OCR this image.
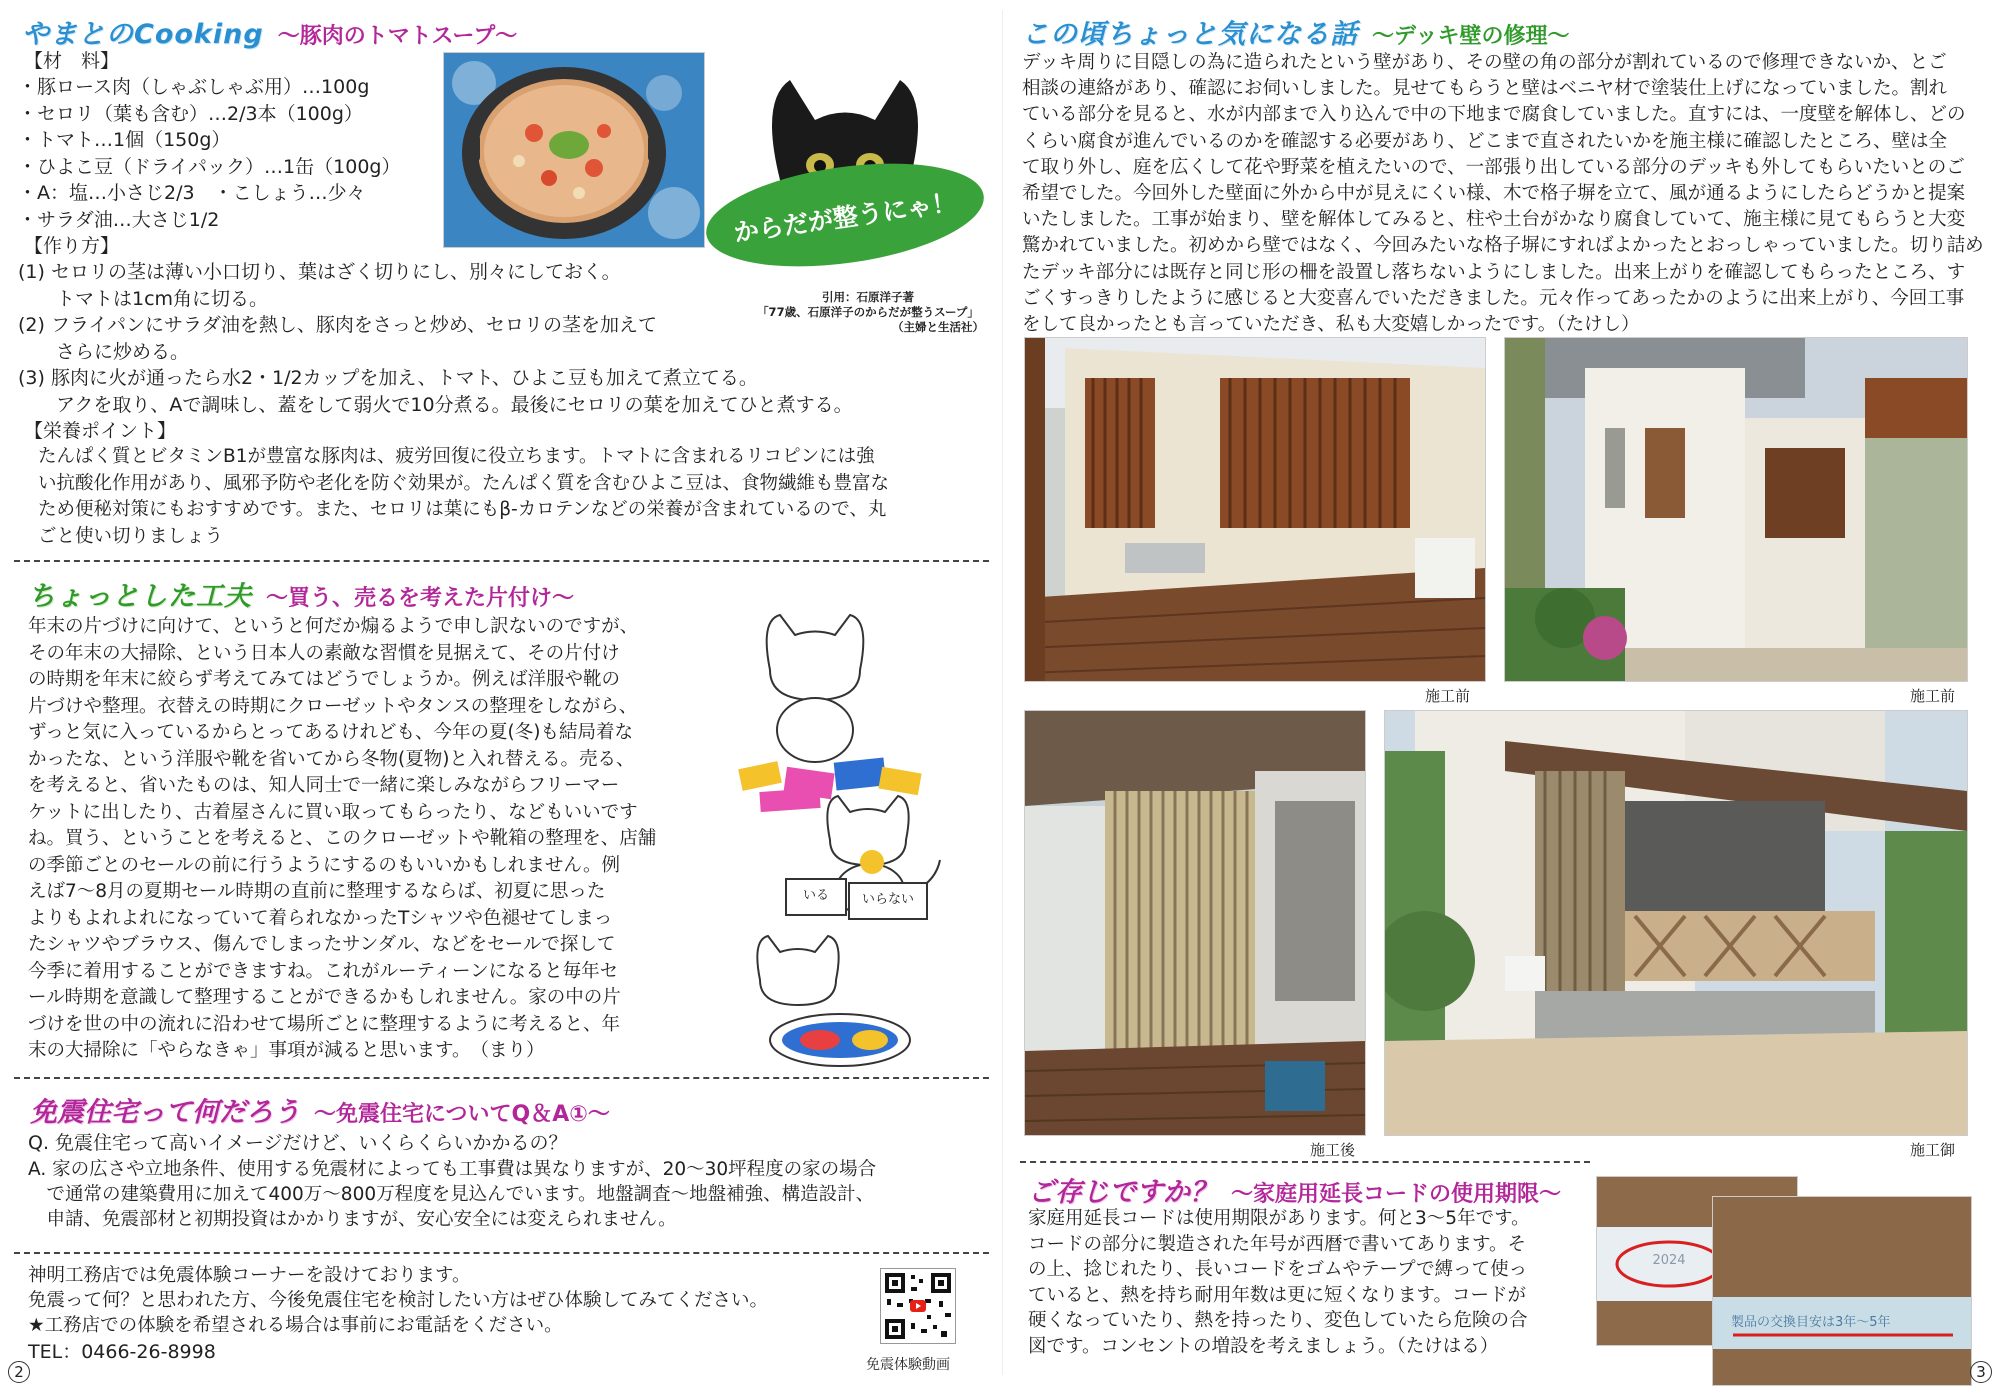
やまとのCooking ～豚肉のトマトスープ～
【材　料】
・豚ロース肉（しゃぶしゃぶ用）…100g
・セロリ（葉も含む）…2/3本（100g）
・トマト…1個（150g）
・ひよこ豆（ドライパック）…1缶（100g）
・A：塩…小さじ2/3　・こしょう…少々
・サラダ油…大さじ1/2	からだが整うにゃ！
引用：石原洋子著
「77歳、石原洋子のからだが整うスープ」
（主婦と生活社）
【作り方】
(1) セロリの茎は薄い小口切り、葉はざく切りにし、別々にしておく。
　　トマトは1cm角に切る。
(2) フライパンにサラダ油を熱し、豚肉をさっと炒め、セロリの茎を加えて
　　さらに炒める。
(3) 豚肉に火が通ったら水2・1/2カップを加え、トマト、ひよこ豆も加えて煮立てる。
　　アクを取り、Aで調味し、蓋をして弱火で10分煮る。最後にセロリの葉を加えてひと煮する。
【栄養ポイント】
たんぱく質とビタミンB1が豊富な豚肉は、疲労回復に役立ちます。トマトに含まれるリコピンには強
い抗酸化作用があり、風邪予防や老化を防ぐ効果が。たんぱく質を含むひよこ豆は、食物繊維も豊富な
ため便秘対策にもおすすめです。また、セロリは葉にもβ-カロテンなどの栄養が含まれているので、丸
ごと使い切りましょう
ちょっとした工夫 ～買う、売るを考えた片付け～
年末の片づけに向けて、というと何だか煽るようで申し訳ないのですが、
その年末の大掃除、という日本人の素敵な習慣を見据えて、その片付け
の時期を年末に絞らず考えてみてはどうでしょうか。例えば洋服や靴の
片づけや整理。衣替えの時期にクローゼットやタンスの整理をしながら、
ずっと気に入っているからとってあるけれども、今年の夏(冬)も結局着な
かったな、という洋服や靴を省いてから冬物(夏物)と入れ替える。売る、
を考えると、省いたものは、知人同士で一緒に楽しみながらフリーマー
ケットに出したり、古着屋さんに買い取ってもらったり、などもいいです
ね。買う、ということを考えると、このクローゼットや靴箱の整理を、店舗
の季節ごとのセールの前に行うようにするのもいいかもしれません。例
えば7～8月の夏期セール時期の直前に整理するならば、初夏に思った
よりもよれよれになっていて着られなかったTシャツや色褪せてしまっ
たシャツやブラウス、傷んでしまったサンダル、などをセールで探して
今季に着用することができますね。これがルーティーンになると毎年セ
ール時期を意識して整理することができるかもしれません。家の中の片
づけを世の中の流れに沿わせて場所ごとに整理するように考えると、年
末の大掃除に「やらなきゃ」事項が減ると思います。　（まり）
いる	いらない
免震住宅って何だろう ～免震住宅についてQ＆A①～
Q. 免震住宅って高いイメージだけど、いくらくらいかかるの？
A. 家の広さや立地条件、使用する免震材によっても工事費は異なりますが、20～30坪程度の家の場合
　で通常の建築費用に加えて400万～800万程度を見込んでいます。地盤調査～地盤補強、構造設計、
　申請、免震部材と初期投資はかかりますが、安心安全には変えられません。
神明工務店では免震体験コーナーを設けております。
免震って何？と思われた方、今後免震住宅を検討したい方はぜひ体験してみてください。
★工務店での体験を希望される場合は事前にお電話をください。
TEL：0466-26-8998
免震体験動画
2
この頃ちょっと気になる話 ～デッキ壁の修理～
デッキ周りに目隠しの為に造られたという壁があり、その壁の角の部分が割れているので修理できないか、とご
相談の連絡があり、確認にお伺いしました。見せてもらうと壁はベニヤ材で塗装仕上げになっていました。割れ
ている部分を見ると、水が内部まで入り込んで中の下地まで腐食していました。直すには、一度壁を解体し、どの
くらい腐食が進んでいるのかを確認する必要があり、どこまで直されたいかを施主様に確認したところ、壁は全
て取り外し、庭を広くして花や野菜を植えたいので、一部張り出している部分のデッキも外してもらいたいとのご
希望でした。今回外した壁面に外から中が見えにくい様、木で格子塀を立て、風が通るようにしたらどうかと提案
いたしました。工事が始まり、壁を解体してみると、柱や土台がかなり腐食していて、施主様に見てもらうと大変
驚かれていました。初めから壁ではなく、今回みたいな格子塀にすればよかったとおっしゃっていました。切り詰め
たデッキ部分には既存と同じ形の柵を設置し落ちないようにしました。出来上がりを確認してもらったところ、す
ごくすっきりしたように感じると大変喜んでいただきました。元々作ってあったかのように出来上がり、今回工事
をして良かったとも言っていただき、私も大変嬉しかったです。（たけし）
施工前	施工前
施工後	施工御
ご存じですか？ ～家庭用延長コードの使用期限～
家庭用延長コードは使用期限があります。何と3～5年です。
コードの部分に製造された年号が西暦で書いてあります。そ
の上、捻じれたり、長いコードをゴムやテープで縛って使っ
ていると、熱を持ち耐用年数は更に短くなります。コードが
硬くなっていたり、熱を持ったり、変色していたら危険の合
図です。コンセントの増設を考えましょう。（たけはる）
2024
製品の交換目安は3年～5年
3
